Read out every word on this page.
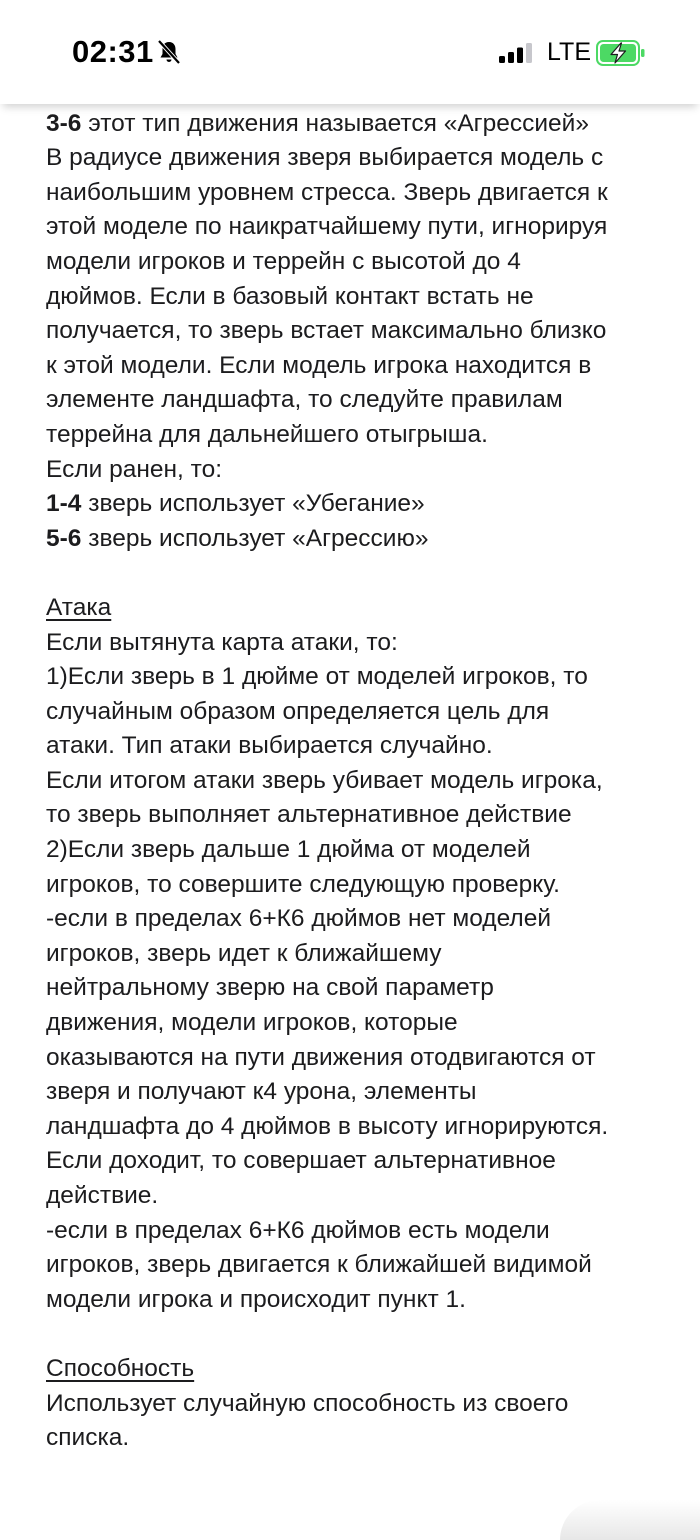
02:31	LTE
3-6 этот тип движения называется «Агрессией»
В радиусе движения зверя выбирается модель с
наибольшим уровнем стресса. Зверь двигается к
этой моделе по наикратчайшему пути, игнорируя
модели игроков и террейн с высотой до 4
дюймов. Если в базовый контакт встать не
получается, то зверь встает максимально близко
к этой модели. Если модель игрока находится в
элементе ландшафта, то следуйте правилам
террейна для дальнейшего отыгрыша.
Если ранен, то:
1-4 зверь использует «Убегание»
5-6 зверь использует «Агрессию»
Атака
Если вытянута карта атаки, то:
1)Если зверь в 1 дюйме от моделей игроков, то
случайным образом определяется цель для
атаки. Тип атаки выбирается случайно.
Если итогом атаки зверь убивает модель игрока,
то зверь выполняет альтернативное действие
2)Если зверь дальше 1 дюйма от моделей
игроков, то совершите следующую проверку.
-если в пределах 6+К6 дюймов нет моделей
игроков, зверь идет к ближайшему
нейтральному зверю на свой параметр
движения, модели игроков, которые
оказываются на пути движения отодвигаются от
зверя и получают к4 урона, элементы
ландшафта до 4 дюймов в высоту игнорируются.
Если доходит, то совершает альтернативное
действие.
-если в пределах 6+К6 дюймов есть модели
игроков, зверь двигается к ближайшей видимой
модели игрока и происходит пункт 1.
Способность
Использует случайную способность из своего
списка.
